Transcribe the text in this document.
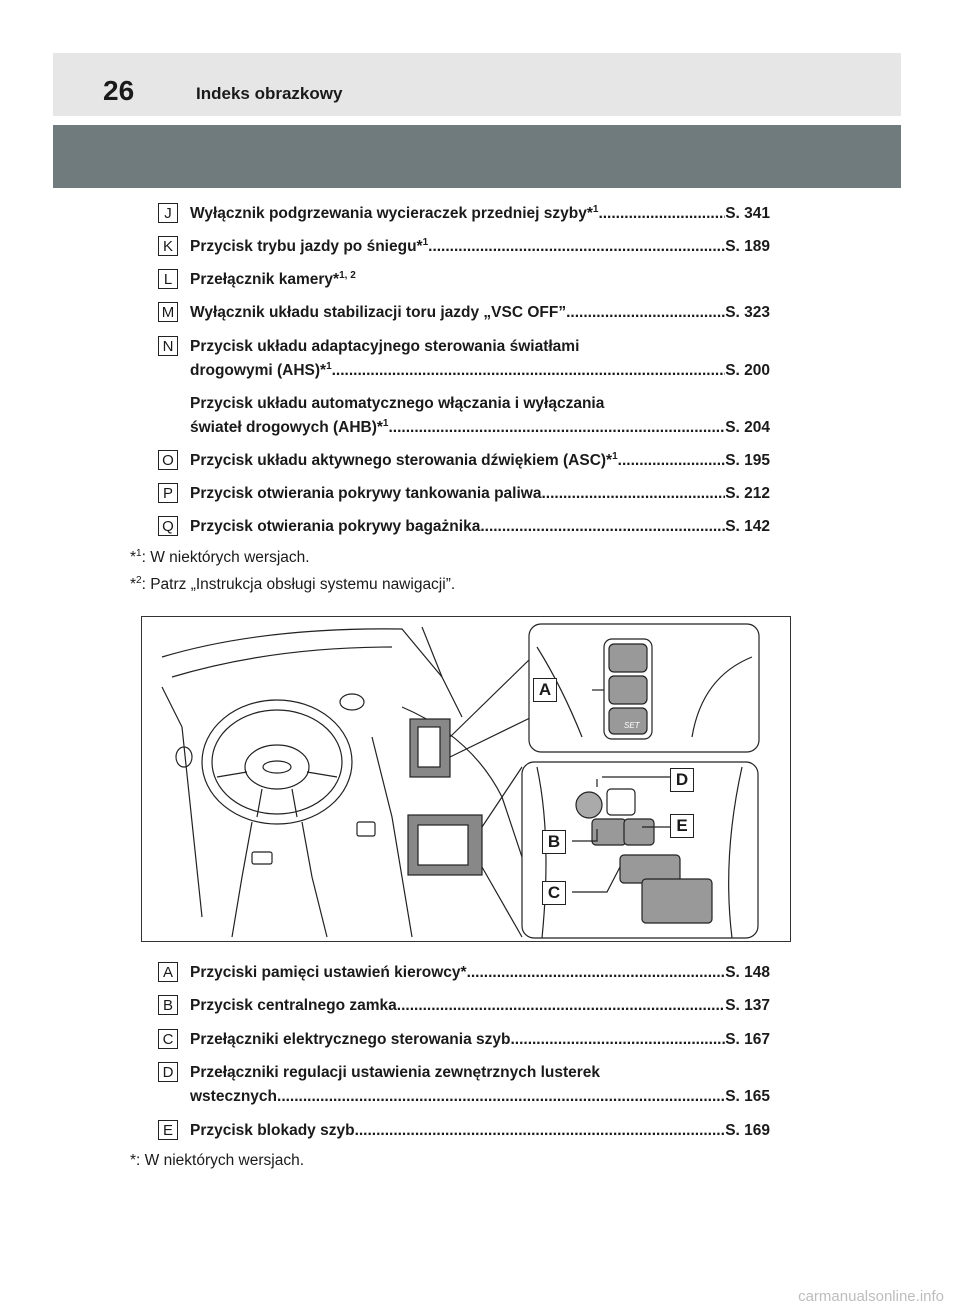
26	Indeks obrazkowy
J	Wyłącznik podgrzewania wycieraczek przedniej szyby*$^1$ .....	S. 341
K	Przycisk trybu jazdy po śniegu*$^1$ .....	S. 189
L	Przełącznik kamery*$^{1, 2}$
M Wyłącznik układu stabilizacji toru jazdy „VSC OFF” .....	S. 323
N Przycisk układu adaptacyjnego sterowania światłami
drogowymi (AHS)*$^1$ .....	S. 200
Przycisk układu automatycznego włączania i wyłączania
świateł drogowych (AHB)*$^1$ .....	S. 204
O Przycisk układu aktywnego sterowania dźwiękiem (ASC)*$^1$ .....	S. 195
P	Przycisk otwierania pokrywy tankowania paliwa .....	S. 212
Q Przycisk otwierania pokrywy bagażnika .....	S. 142
*$^1$: W niektórych wersjach.
*$^2$: Patrz „Instrukcja obsługi systemu nawigacji”.
SET
A
D
E
B
C
A	Przyciski pamięci ustawień kierowcy* .....	S. 148
B	Przycisk centralnego zamka .....	S. 137
C Przełączniki elektrycznego sterowania szyb .....	S. 167
D Przełączniki regulacji ustawienia zewnętrznych lusterek
wstecznych .....	S. 165
E	Przycisk blokady szyb .....	S. 169
*: W niektórych wersjach.
carmanualsonline.info
